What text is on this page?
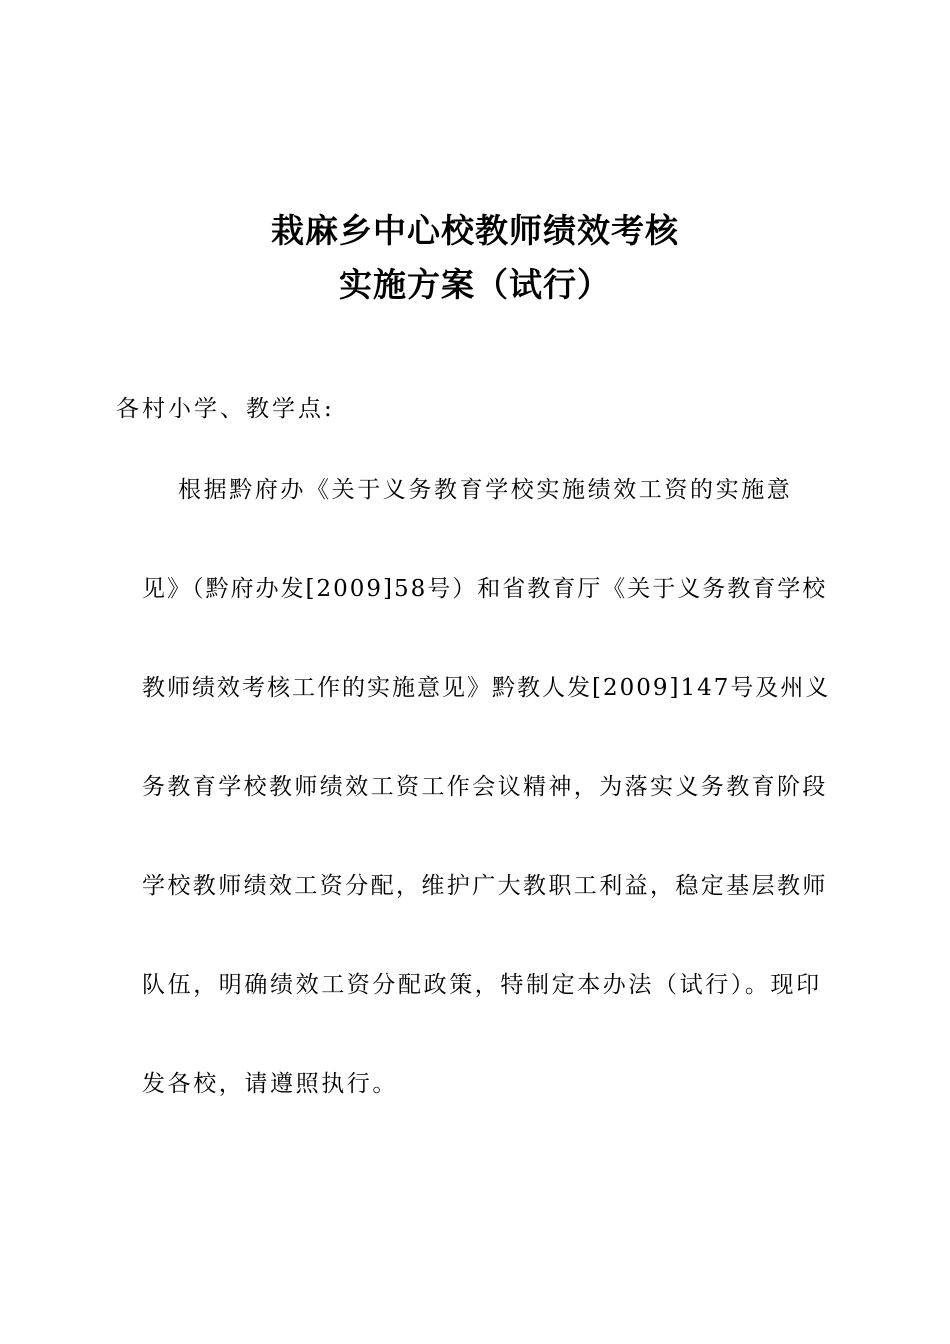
栽麻乡中心校教师绩效考核
实施方案（试行）
各村小学、教学点:
根据黔府办《关于义务教育学校实施绩效工资的实施意
见》（黔府办发[2009]58号）和省教育厅《关于义务教育学校
教师绩效考核工作的实施意见》黔教人发[2009]147号及州义
务教育学校教师绩效工资工作会议精神，为落实义务教育阶段
学校教师绩效工资分配，维护广大教职工利益，稳定基层教师
队伍，明确绩效工资分配政策，特制定本办法（试行）。现印
发各校，请遵照执行。
